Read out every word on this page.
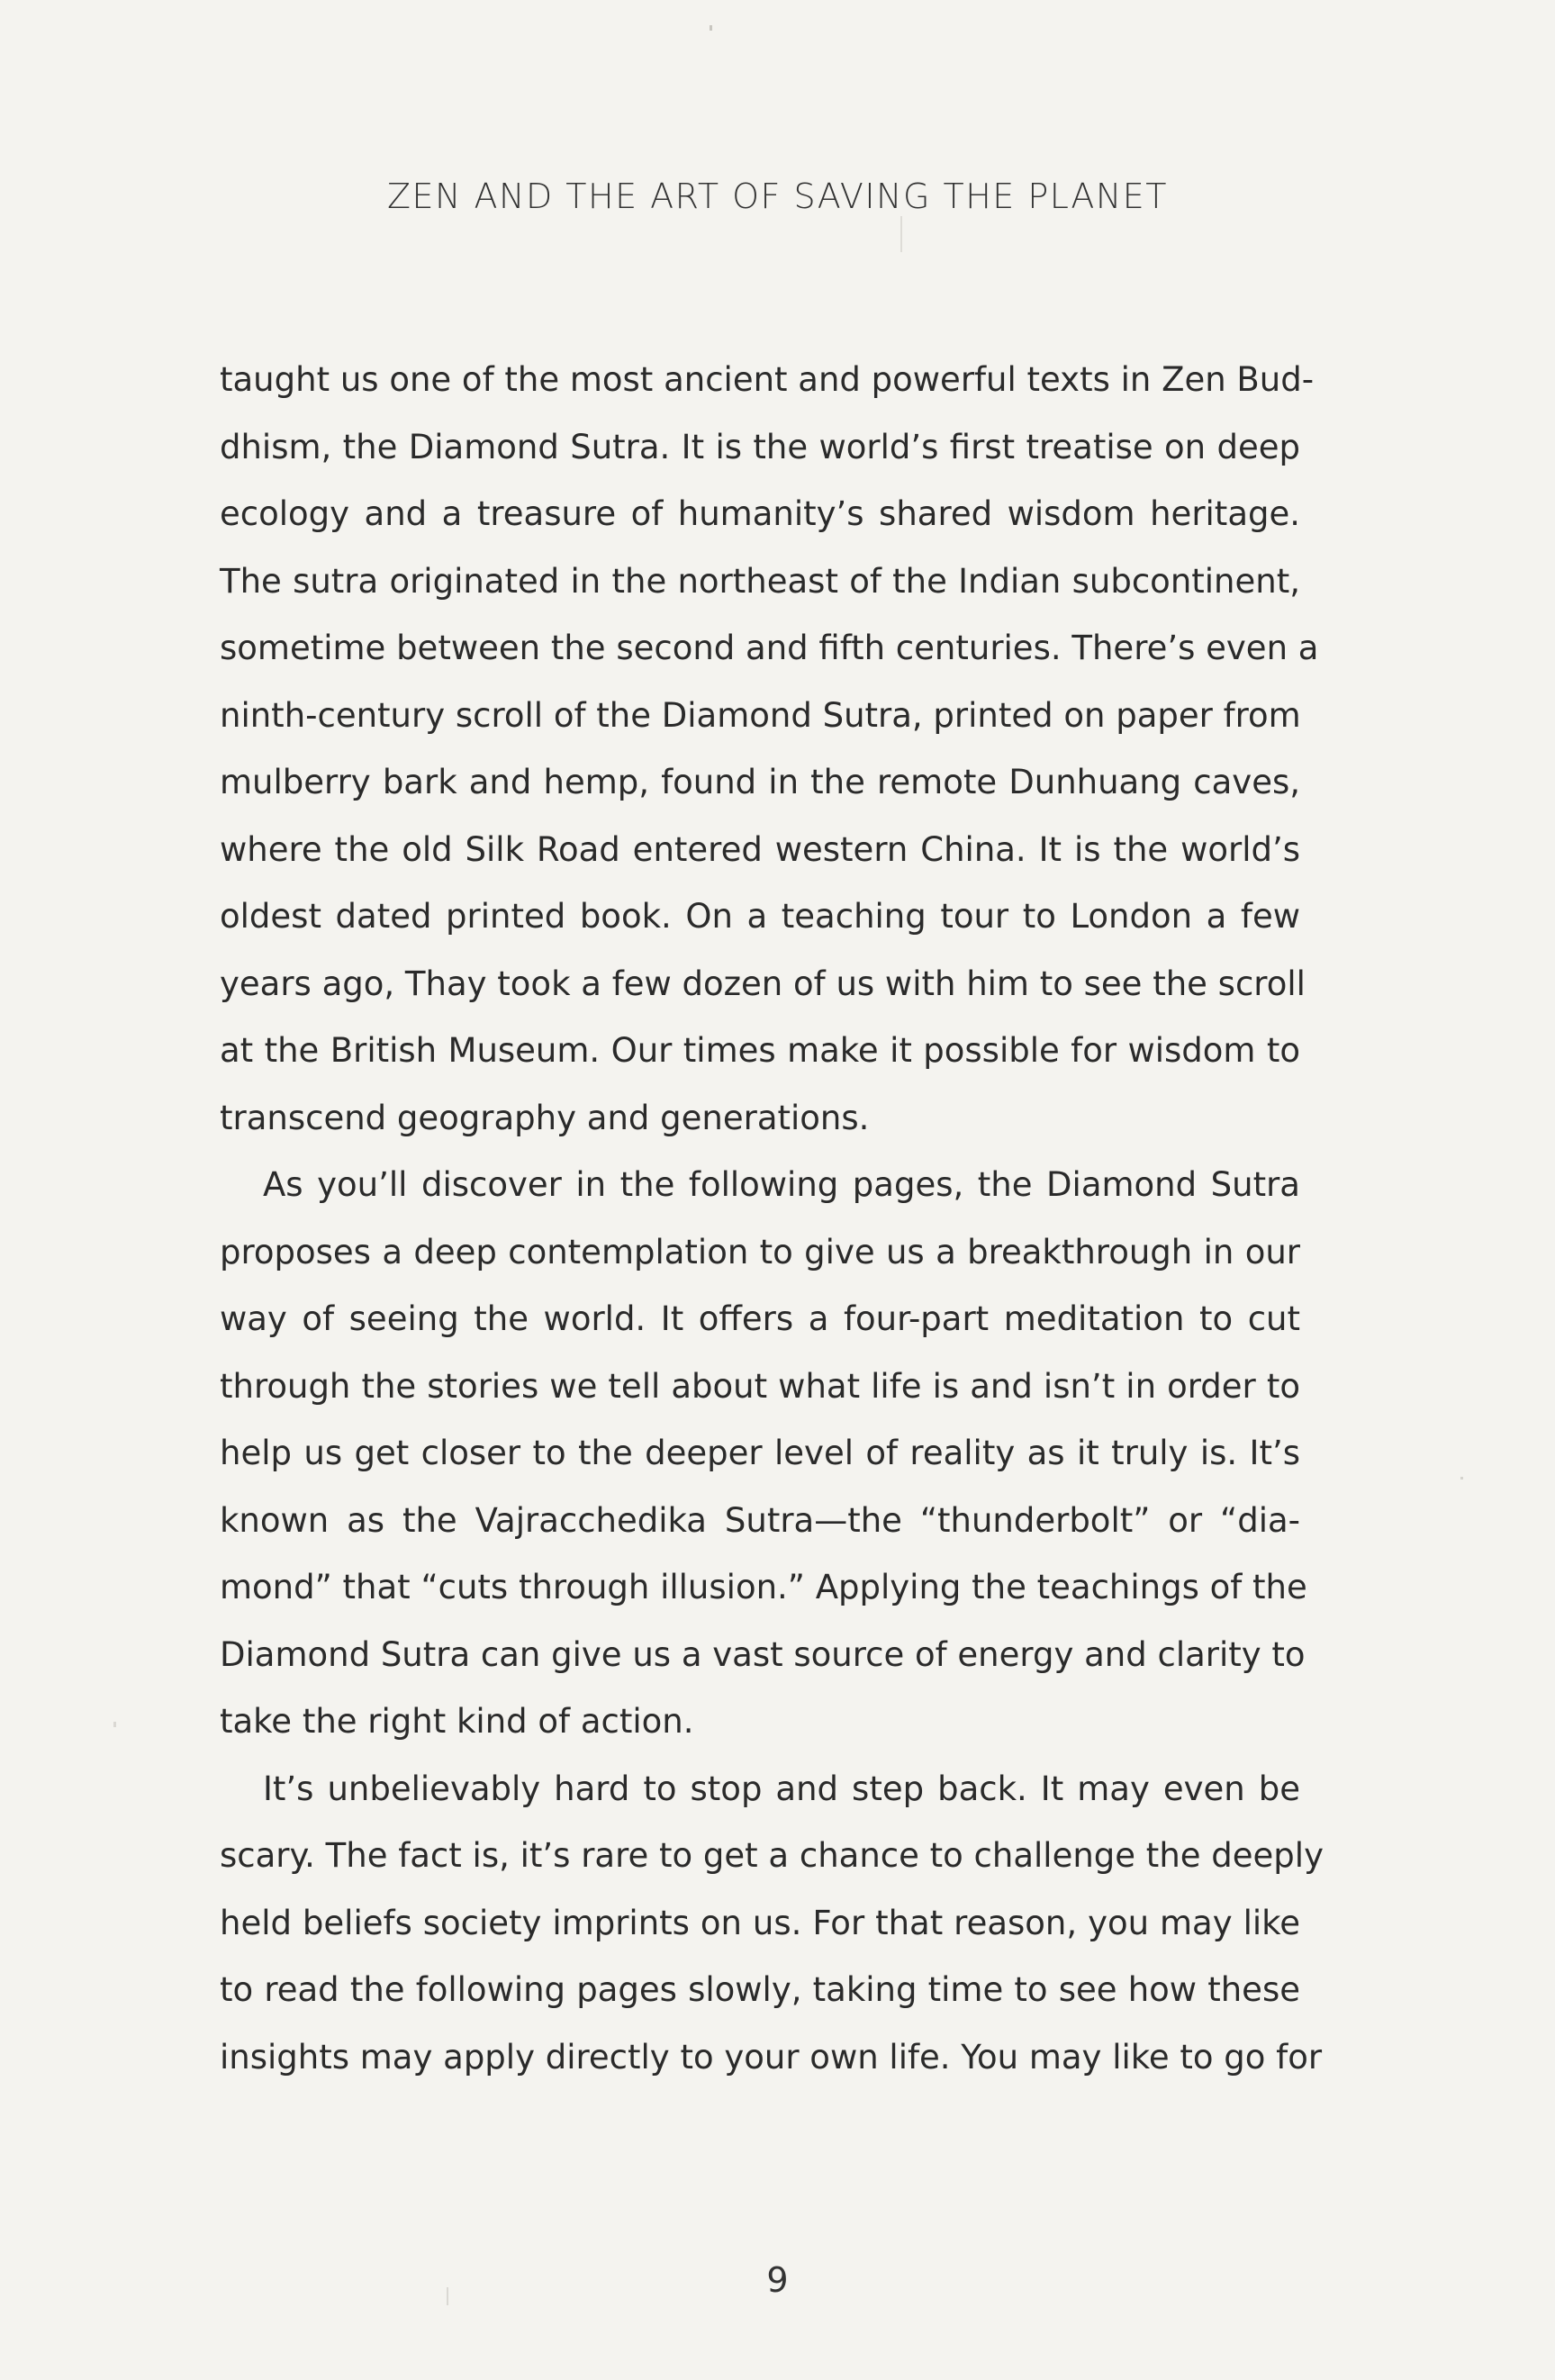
ZEN AND THE ART OF SAVING THE PLANET
taught us one of the most ancient and powerful texts in Zen Bud-
dhism, the Diamond Sutra. It is the world’s first treatise on deep
ecology and a treasure of humanity’s shared wisdom heritage.
The sutra originated in the northeast of the Indian subcontinent,
sometime between the second and fifth centuries. There’s even a
ninth-century scroll of the Diamond Sutra, printed on paper from
mulberry bark and hemp, found in the remote Dunhuang caves,
where the old Silk Road entered western China. It is the world’s
oldest dated printed book. On a teaching tour to London a few
years ago, Thay took a few dozen of us with him to see the scroll
at the British Museum. Our times make it possible for wisdom to
transcend geography and generations.
As you’ll discover in the following pages, the Diamond Sutra
proposes a deep contemplation to give us a breakthrough in our
way of seeing the world. It offers a four-part meditation to cut
through the stories we tell about what life is and isn’t in order to
help us get closer to the deeper level of reality as it truly is. It’s
known as the Vajracchedika Sutra—the “thunderbolt” or “dia-
mond” that “cuts through illusion.” Applying the teachings of the
Diamond Sutra can give us a vast source of energy and clarity to
take the right kind of action.
It’s unbelievably hard to stop and step back. It may even be
scary. The fact is, it’s rare to get a chance to challenge the deeply
held beliefs society imprints on us. For that reason, you may like
to read the following pages slowly, taking time to see how these
insights may apply directly to your own life. You may like to go for
9
